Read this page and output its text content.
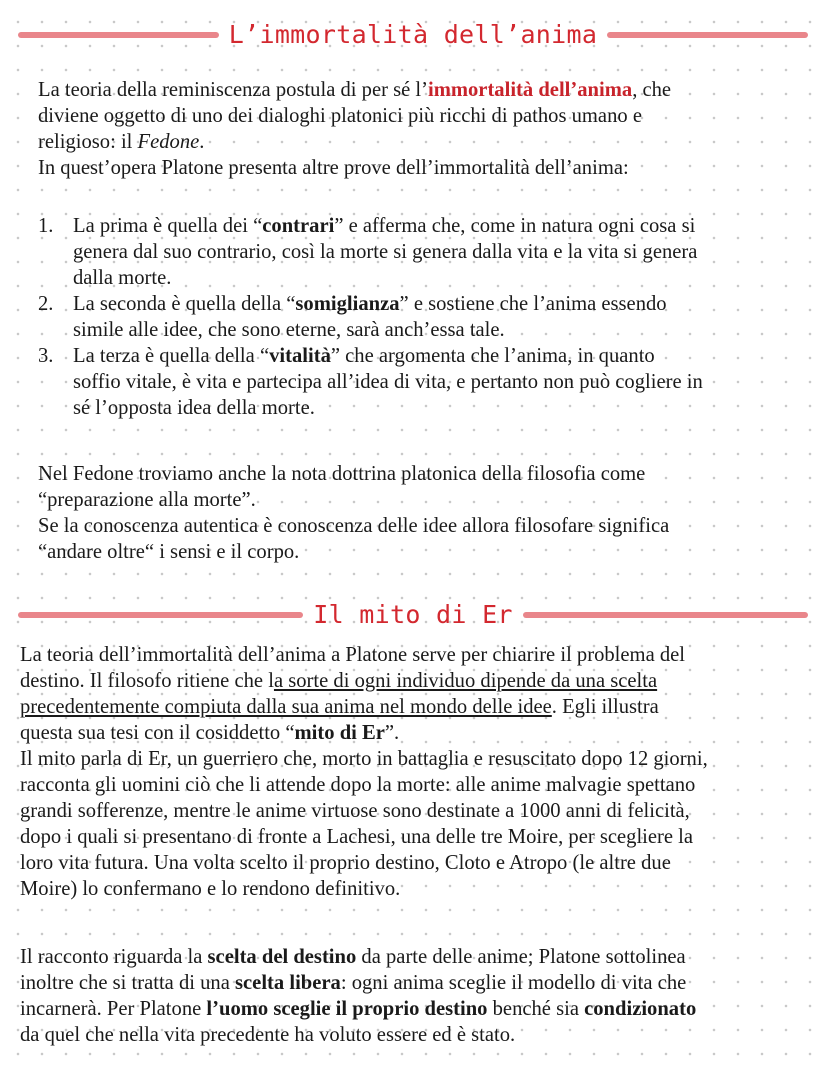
L’immortalità dell’anima
La teoria della reminiscenza postula di per sé l’immortalità dell’anima, che
diviene oggetto di uno dei dialoghi platonici più ricchi di pathos umano e
religioso: il Fedone.
In quest’opera Platone presenta altre prove dell’immortalità dell’anima:
1. La prima è quella dei “contrari” e afferma che, come in natura ogni cosa si
genera dal suo contrario, così la morte si genera dalla vita e la vita si genera
dalla morte.
2. La seconda è quella della “somiglianza” e sostiene che l’anima essendo
simile alle idee, che sono eterne, sarà anch’essa tale.
3. La terza è quella della “vitalità” che argomenta che l’anima, in quanto
soffio vitale, è vita e partecipa all’idea di vita, e pertanto non può cogliere in
sé l’opposta idea della morte.
Nel Fedone troviamo anche la nota dottrina platonica della filosofia come
“preparazione alla morte”.
Se la conoscenza autentica è conoscenza delle idee allora filosofare significa
“andare oltre“ i sensi e il corpo.
Il mito di Er
La teoria dell’immortalità dell’anima a Platone serve per chiarire il problema del
destino. Il filosofo ritiene che la sorte di ogni individuo dipende da una scelta
precedentemente compiuta dalla sua anima nel mondo delle idee. Egli illustra
questa sua tesi con il cosiddetto “mito di Er”.
Il mito parla di Er, un guerriero che, morto in battaglia e resuscitato dopo 12 giorni,
racconta gli uomini ciò che li attende dopo la morte: alle anime malvagie spettano
grandi sofferenze, mentre le anime virtuose sono destinate a 1000 anni di felicità,
dopo i quali si presentano di fronte a Lachesi, una delle tre Moire, per scegliere la
loro vita futura. Una volta scelto il proprio destino, Cloto e Atropo (le altre due
Moire) lo confermano e lo rendono definitivo.
Il racconto riguarda la scelta del destino da parte delle anime; Platone sottolinea
inoltre che si tratta di una scelta libera: ogni anima sceglie il modello di vita che
incarnerà. Per Platone l’uomo sceglie il proprio destino benché sia condizionato
da quel che nella vita precedente ha voluto essere ed è stato.
